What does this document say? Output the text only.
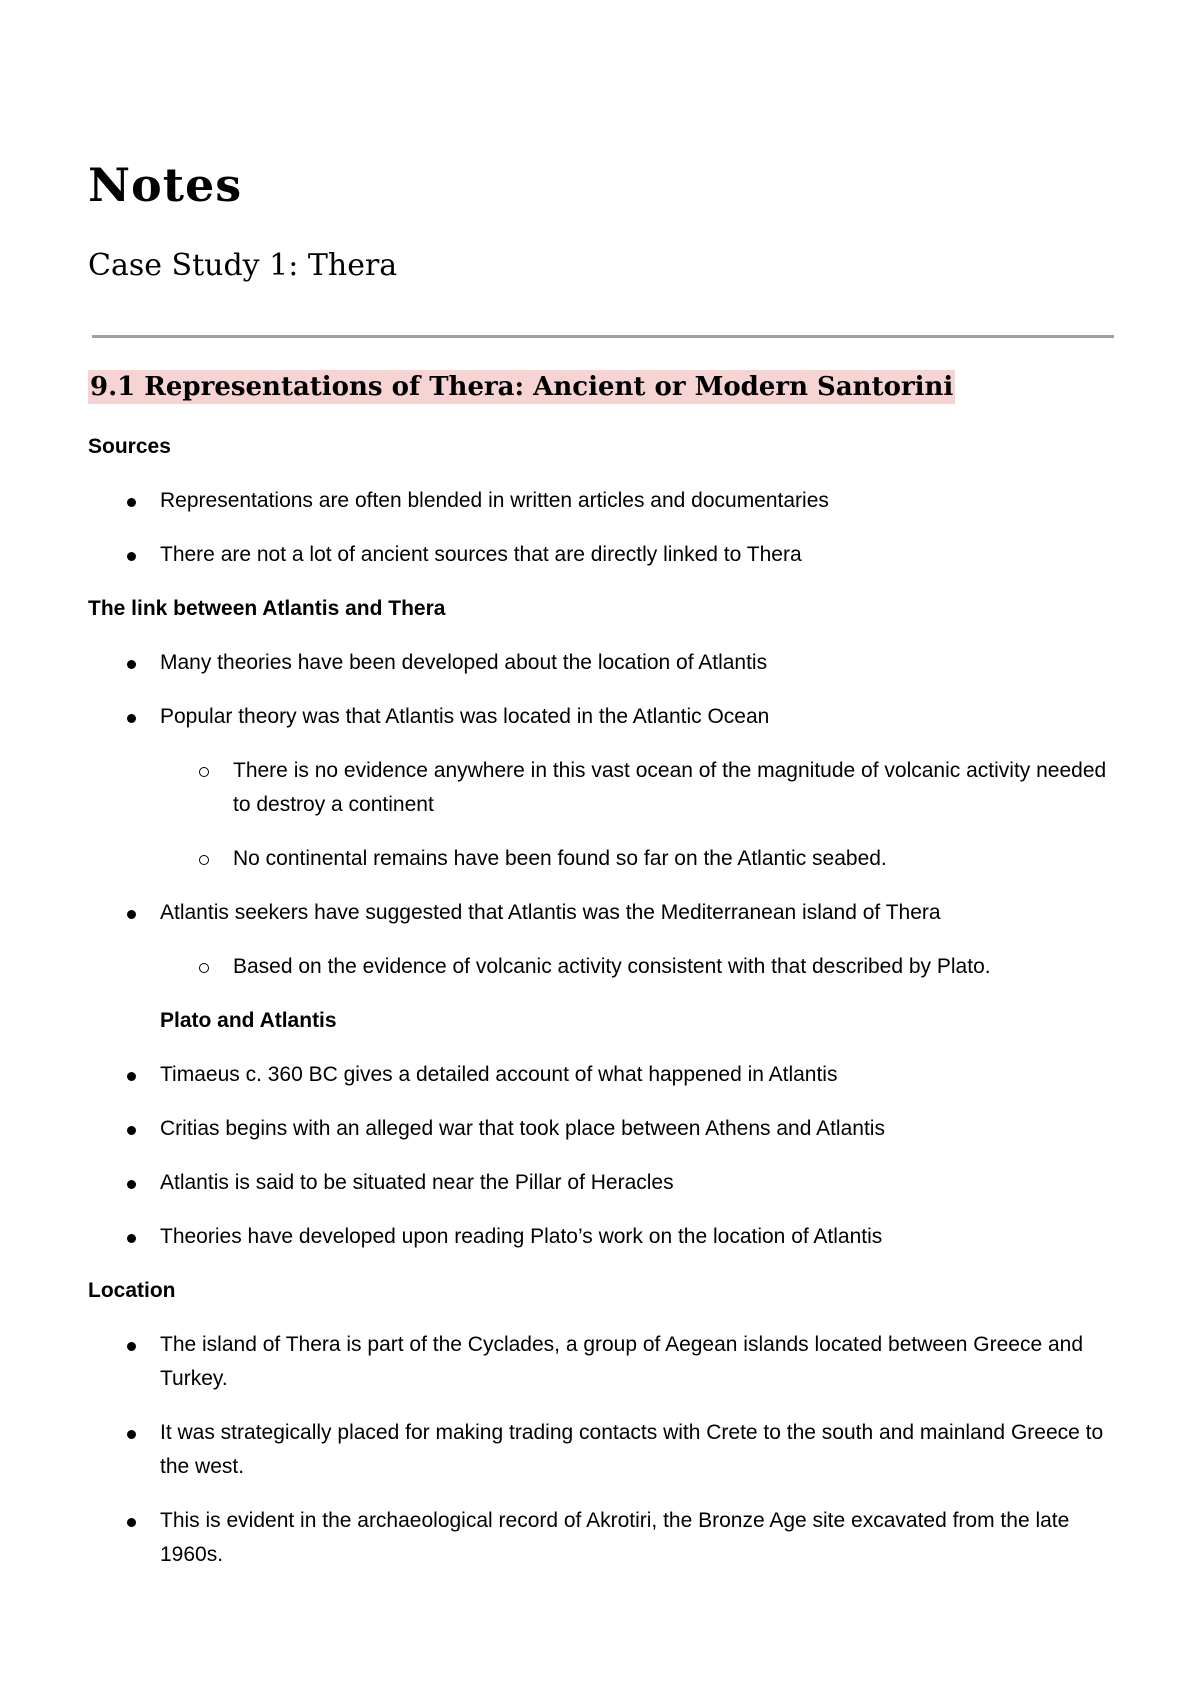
Notes
Case Study 1: Thera
9.1 Representations of Thera: Ancient or Modern Santorini

Sources

Representations are often blended in written articles and documentaries
There are not a lot of ancient sources that are directly linked to Thera

The link between Atlantis and Thera

Many theories have been developed about the location of Atlantis
Popular theory was that Atlantis was located in the Atlantic Ocean
There is no evidence anywhere in this vast ocean of the magnitude of volcanic activity needed to destroy a continent
No continental remains have been found so far on the Atlantic seabed.
Atlantis seekers have suggested that Atlantis was the Mediterranean island of Thera
Based on the evidence of volcanic activity consistent with that described by Plato.

Plato and Atlantis

Timaeus c. 360 BC gives a detailed account of what happened in Atlantis
Critias begins with an alleged war that took place between Athens and Atlantis
Atlantis is said to be situated near the Pillar of Heracles
Theories have developed upon reading Plato’s work on the location of Atlantis

Location

The island of Thera is part of the Cyclades, a group of Aegean islands located between Greece and Turkey.
It was strategically placed for making trading contacts with Crete to the south and mainland Greece to the west.
This is evident in the archaeological record of Akrotiri, the Bronze Age site excavated from the late 1960s.
